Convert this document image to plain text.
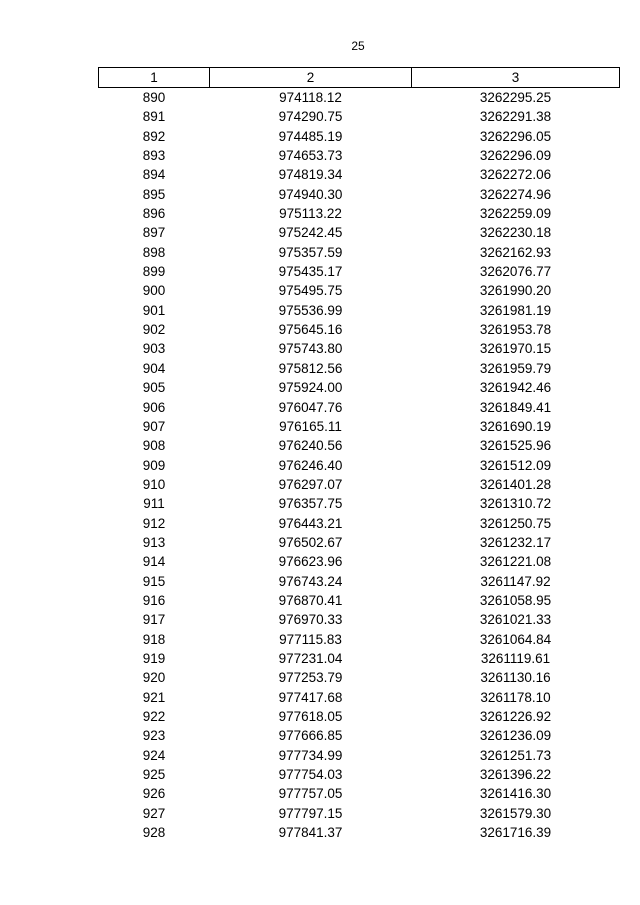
25
1	2	3
890	974118.12	3262295.25
891	974290.75	3262291.38
892	974485.19	3262296.05
893	974653.73	3262296.09
894	974819.34	3262272.06
895	974940.30	3262274.96
896	975113.22	3262259.09
897	975242.45	3262230.18
898	975357.59	3262162.93
899	975435.17	3262076.77
900	975495.75	3261990.20
901	975536.99	3261981.19
902	975645.16	3261953.78
903	975743.80	3261970.15
904	975812.56	3261959.79
905	975924.00	3261942.46
906	976047.76	3261849.41
907	976165.11	3261690.19
908	976240.56	3261525.96
909	976246.40	3261512.09
910	976297.07	3261401.28
911	976357.75	3261310.72
912	976443.21	3261250.75
913	976502.67	3261232.17
914	976623.96	3261221.08
915	976743.24	3261147.92
916	976870.41	3261058.95
917	976970.33	3261021.33
918	977115.83	3261064.84
919	977231.04	3261119.61
920	977253.79	3261130.16
921	977417.68	3261178.10
922	977618.05	3261226.92
923	977666.85	3261236.09
924	977734.99	3261251.73
925	977754.03	3261396.22
926	977757.05	3261416.30
927	977797.15	3261579.30
928	977841.37	3261716.39
